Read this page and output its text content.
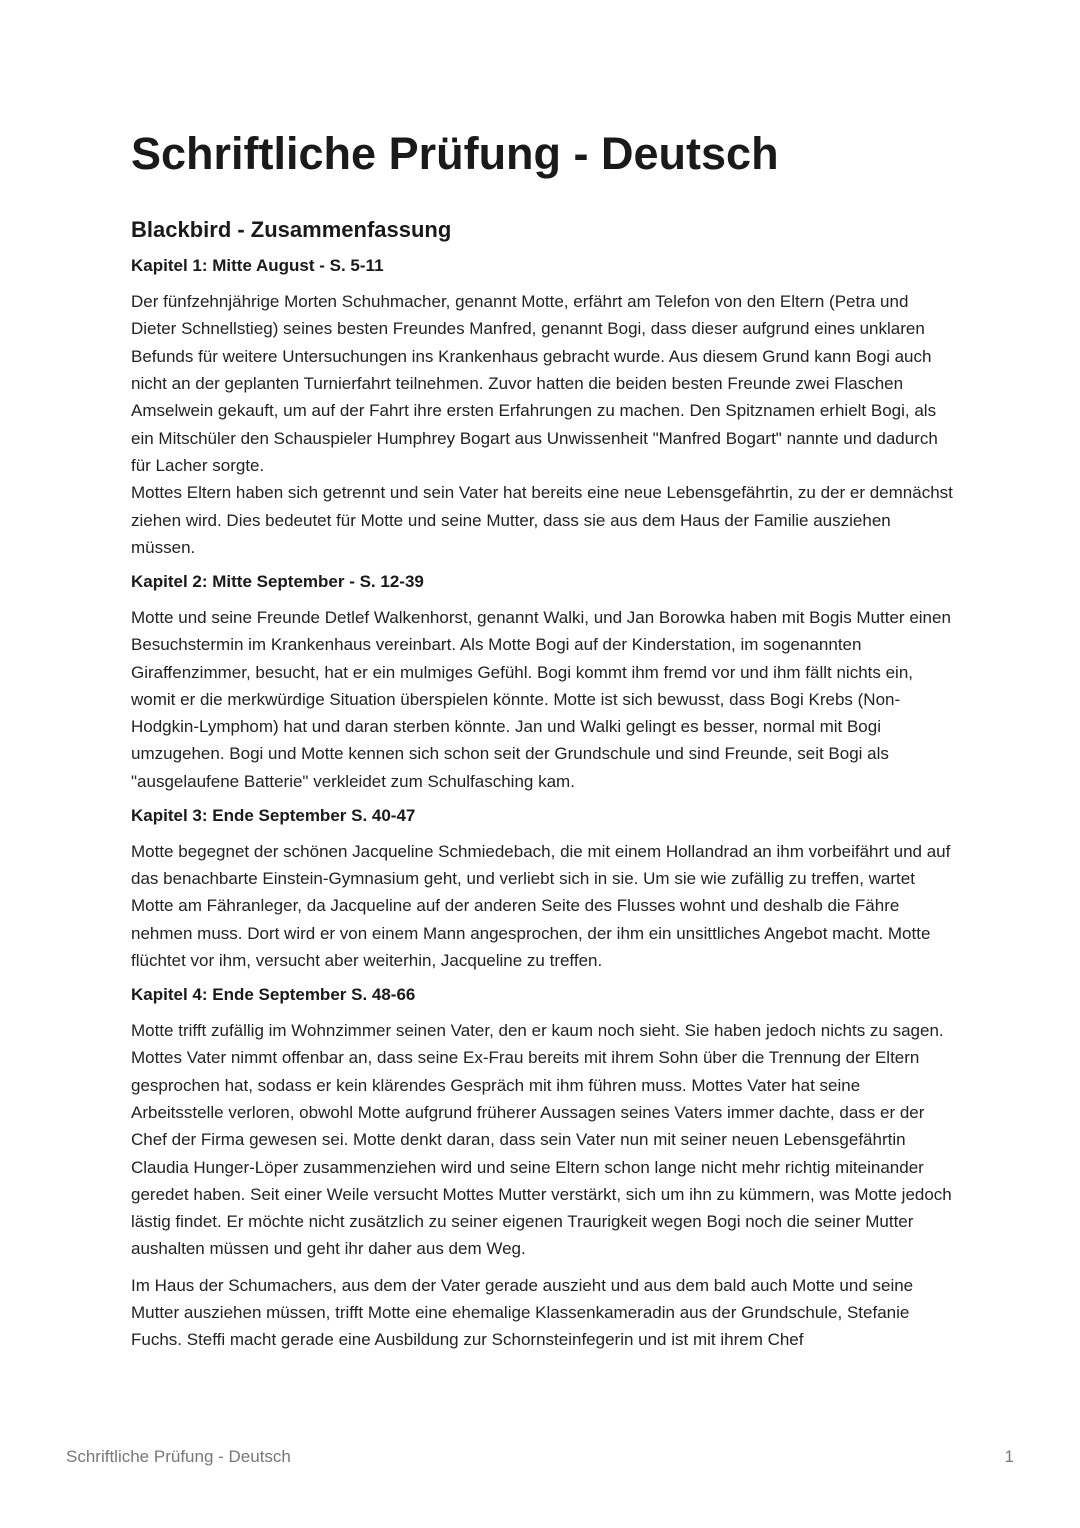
Schriftliche Prüfung - Deutsch
Blackbird - Zusammenfassung
Kapitel 1: Mitte August - S. 5-11

Der fünfzehnjährige Morten Schuhmacher, genannt Motte, erfährt am Telefon von den Eltern (Petra und Dieter Schnellstieg) seines besten Freundes Manfred, genannt Bogi, dass dieser aufgrund eines unklaren Befunds für weitere Untersuchungen ins Krankenhaus gebracht wurde. Aus diesem Grund kann Bogi auch nicht an der geplanten Turnierfahrt teilnehmen. Zuvor hatten die beiden besten Freunde zwei Flaschen Amselwein gekauft, um auf der Fahrt ihre ersten Erfahrungen zu machen. Den Spitznamen erhielt Bogi, als ein Mitschüler den Schauspieler Humphrey Bogart aus Unwissenheit "Manfred Bogart" nannte und dadurch für Lacher sorgte.

Mottes Eltern haben sich getrennt und sein Vater hat bereits eine neue Lebensgefährtin, zu der er demnächst ziehen wird. Dies bedeutet für Motte und seine Mutter, dass sie aus dem Haus der Familie ausziehen müssen.

Kapitel 2: Mitte September - S. 12-39

Motte und seine Freunde Detlef Walkenhorst, genannt Walki, und Jan Borowka haben mit Bogis Mutter einen Besuchstermin im Krankenhaus vereinbart. Als Motte Bogi auf der Kinderstation, im sogenannten Giraffenzimmer, besucht, hat er ein mulmiges Gefühl. Bogi kommt ihm fremd vor und ihm fällt nichts ein, womit er die merkwürdige Situation überspielen könnte. Motte ist sich bewusst, dass Bogi Krebs (Non-Hodgkin-Lymphom) hat und daran sterben könnte. Jan und Walki gelingt es besser, normal mit Bogi umzugehen. Bogi und Motte kennen sich schon seit der Grundschule und sind Freunde, seit Bogi als "ausgelaufene Batterie" verkleidet zum Schulfasching kam.

Kapitel 3: Ende September S. 40-47

Motte begegnet der schönen Jacqueline Schmiedebach, die mit einem Hollandrad an ihm vorbeifährt und auf das benachbarte Einstein-Gymnasium geht, und verliebt sich in sie. Um sie wie zufällig zu treffen, wartet Motte am Fähranleger, da Jacqueline auf der anderen Seite des Flusses wohnt und deshalb die Fähre nehmen muss. Dort wird er von einem Mann angesprochen, der ihm ein unsittliches Angebot macht. Motte flüchtet vor ihm, versucht aber weiterhin, Jacqueline zu treffen.

Kapitel 4: Ende September S. 48-66

Motte trifft zufällig im Wohnzimmer seinen Vater, den er kaum noch sieht. Sie haben jedoch nichts zu sagen. Mottes Vater nimmt offenbar an, dass seine Ex-Frau bereits mit ihrem Sohn über die Trennung der Eltern gesprochen hat, sodass er kein klärendes Gespräch mit ihm führen muss. Mottes Vater hat seine Arbeitsstelle verloren, obwohl Motte aufgrund früherer Aussagen seines Vaters immer dachte, dass er der Chef der Firma gewesen sei. Motte denkt daran, dass sein Vater nun mit seiner neuen Lebensgefährtin Claudia Hunger-Löper zusammenziehen wird und seine Eltern schon lange nicht mehr richtig miteinander geredet haben. Seit einer Weile versucht Mottes Mutter verstärkt, sich um ihn zu kümmern, was Motte jedoch lästig findet. Er möchte nicht zusätzlich zu seiner eigenen Traurigkeit wegen Bogi noch die seiner Mutter aushalten müssen und geht ihr daher aus dem Weg.

Im Haus der Schumachers, aus dem der Vater gerade auszieht und aus dem bald auch Motte und seine Mutter ausziehen müssen, trifft Motte eine ehemalige Klassenkameradin aus der Grundschule, Stefanie Fuchs. Steffi macht gerade eine Ausbildung zur Schornsteinfegerin und ist mit ihrem Chef

Schriftliche Prüfung - Deutsch	1
